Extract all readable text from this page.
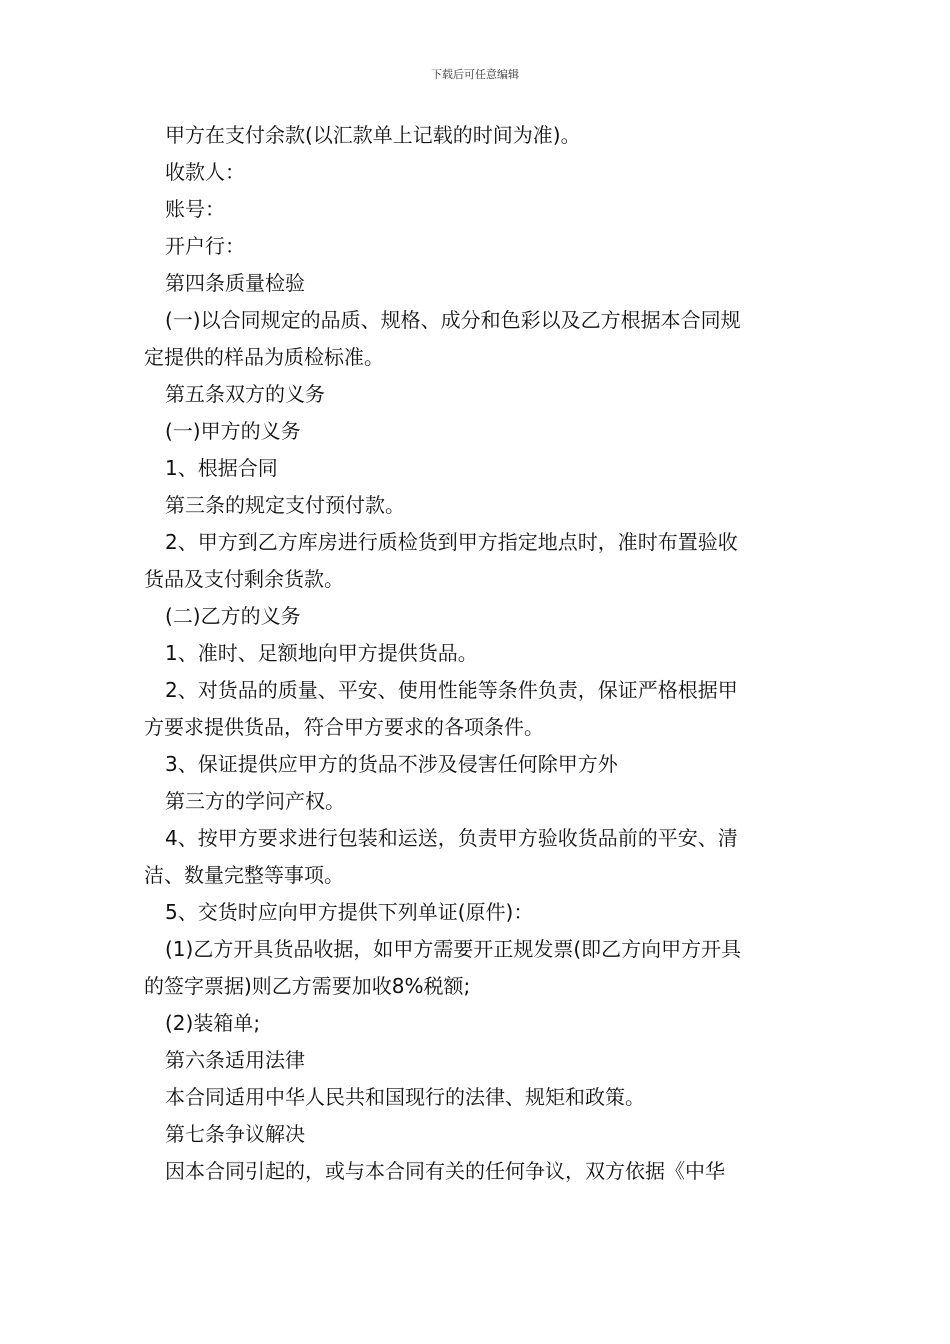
下载后可任意编辑
甲方在支付余款(以汇款单上记载的时间为准)。
收款人：
账号：
开户行：
第四条质量检验
(一)以合同规定的品质、规格、成分和色彩以及乙方根据本合同规
定提供的样品为质检标准。
第五条双方的义务
(一)甲方的义务
1、根据合同
第三条的规定支付预付款。
2、甲方到乙方库房进行质检货到甲方指定地点时，准时布置验收
货品及支付剩余货款。
(二)乙方的义务
1、准时、足额地向甲方提供货品。
2、对货品的质量、平安、使用性能等条件负责，保证严格根据甲
方要求提供货品，符合甲方要求的各项条件。
3、保证提供应甲方的货品不涉及侵害任何除甲方外
第三方的学问产权。
4、按甲方要求进行包装和运送，负责甲方验收货品前的平安、清
洁、数量完整等事项。
5、交货时应向甲方提供下列单证(原件)：
(1)乙方开具货品收据，如甲方需要开正规发票(即乙方向甲方开具
的签字票据)则乙方需要加收8%税额;
(2)装箱单;
第六条适用法律
本合同适用中华人民共和国现行的法律、规矩和政策。
第七条争议解决
因本合同引起的，或与本合同有关的任何争议，双方依据《中华
